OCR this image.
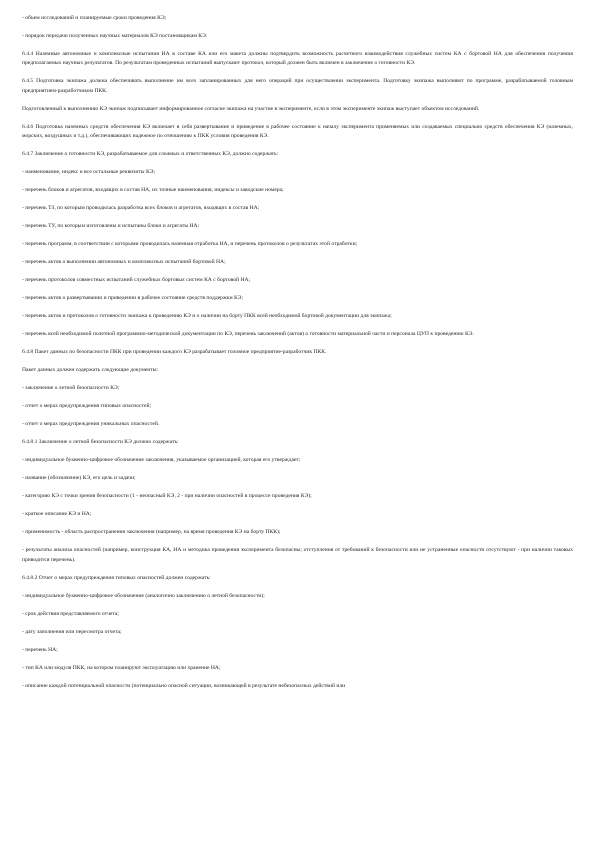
- объем исследований и планируемые сроки проведения КЭ;

- порядок передачи полученных научных материалов КЭ постановщикам КЭ.

6.4.4 Наземные автономные и комплексные испытания НА в составе КА или его макета должны подтвердить возможность расчетного взаимодействия служебных систем КА с бортовой НА для обеспечения получения предполагаемых научных результатов. По результатам проведенных испытаний выпускают протокол, который должен быть включен в заключение о готовности КЭ.

6.4.5 Подготовка экипажа должна обеспечивать выполнение им всех запланированных для него операций при осуществлении эксперимента. Подготовку экипажа выполняют по программе, разрабатываемой головным предприятием-разработчиком ПКК.

Подготовленный к выполнению КЭ экипаж подписывает информированное согласие экипажа на участие в эксперименте, если в этом эксперименте экипаж выступает объектом исследований.

6.4.6 Подготовка наземных средств обеспечения КЭ включает в себя развертывание и приведение в рабочее состояние к началу эксперимента применяемых или создаваемых специально средств обеспечения КЭ (наземных, морских, воздушных и т.д.), обеспечивающих надежное по отношению к ПКК условия проведения КЭ.

6.4.7 Заключение о готовности КЭ, разрабатываемое для сложных и ответственных КЭ, должно содержать:

- наименование, индекс и все остальные реквизиты КЭ;

- перечень блоков и агрегатов, входящих в состав НА, их точные наименования, индексы и заводские номера;

- перечень ТЗ, по которым проводилась разработка всех блоков и агрегатов, входящих в состав НА;

- перечень ТУ, по которым изготовлены и испытаны блоки и агрегаты НА;

- перечень программ, в соответствии с которыми проводилась наземная отработка НА, и перечень протоколов о результатах этой отработки;

- перечень актов о выполнении автономных и комплексных испытаний бортовой НА;

- перечень протоколов совместных испытаний служебных бортовых систем КА с бортовой НА;

- перечень актов о развертывании и приведении в рабочее состояние средств поддержки КЭ;

- перечень актов и протоколов о готовности экипажа к проведению КЭ и о наличии на борту ПКК всей необходимой бортовой документации для экипажа;

- перечень всей необходимой полетной программно-методической документации по КЭ, перечень заключений (актов) о готовности материальной части и персонала ЦУП к проведению КЭ.

6.4.8 Пакет данных по безопасности ПКК при проведении каждого КЭ разрабатывает головное предприятие-разработчик ПКК.

Пакет данных должен содержать следующие документы:

- заключение о летной безопасности КЭ;

- отчет о мерах предупреждения типовых опасностей;

- отчет о мерах предупреждения уникальных опасностей.

6.4.8.1 Заключение о летной безопасности КЭ должно содержать:

- индивидуальное буквенно-цифровое обозначение заключения, указываемое организацией, которая его утверждает;

- название (обозначение) КЭ, его цель и задачи;

- категорию КЭ с точки зрения безопасности (1 - неопасный КЭ, 2 - при наличии опасностей в процессе проведения КЭ);

- краткое описание КЭ и НА;

- применимость - область распространения заключения (например, на время проведения КЭ на борту ПКК);

- результаты анализа опасностей (например, конструкция КА, НА и методика проведения эксперимента безопасны; отступления от требований к безопасности или не устраненные опасности отсутствуют - при наличии таковых приводится перечень).

6.4.8.2 Отчет о мерах предупреждения типовых опасностей должен содержать:

- индивидуальное буквенно-цифровое обозначение (аналогично заключению о летной безопасности);

- срок действия представляемого отчета;

- дату заполнения или пересмотра отчета;

- перечень НА;

- тип КА или модуля ПКК, на котором планируют эксплуатацию или хранение НА;

- описание каждой потенциальной опасности (потенциально опасной ситуации, возникающей в результате небезопасных действий или
